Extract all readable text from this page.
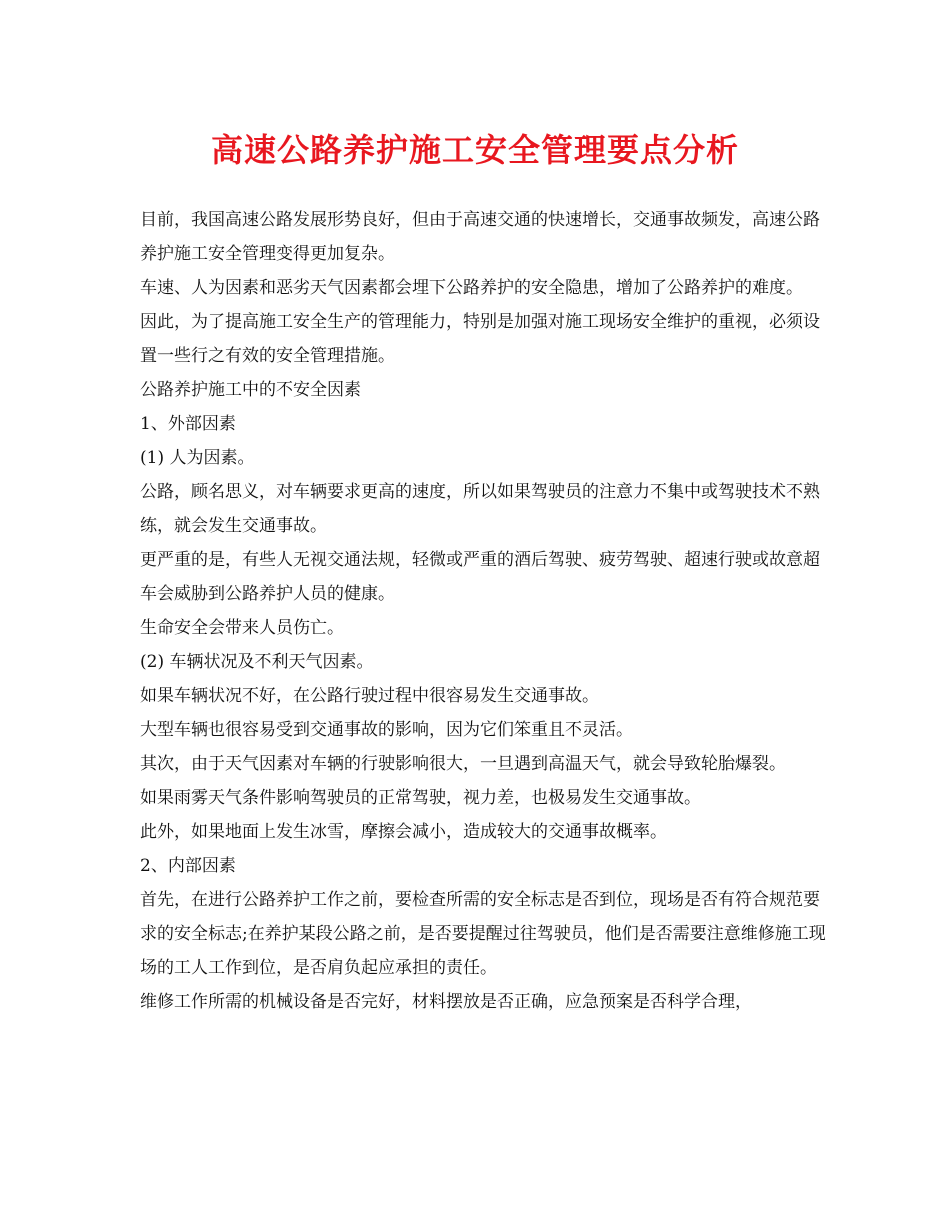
高速公路养护施工安全管理要点分析

目前，我国高速公路发展形势良好，但由于高速交通的快速增长，交通事故频发，高速公路养护施工安全管理变得更加复杂。

车速、人为因素和恶劣天气因素都会埋下公路养护的安全隐患，增加了公路养护的难度。

因此，为了提高施工安全生产的管理能力，特别是加强对施工现场安全维护的重视，必须设置一些行之有效的安全管理措施。

公路养护施工中的不安全因素

1、外部因素

(1) 人为因素。

公路，顾名思义，对车辆要求更高的速度，所以如果驾驶员的注意力不集中或驾驶技术不熟练，就会发生交通事故。

更严重的是，有些人无视交通法规，轻微或严重的酒后驾驶、疲劳驾驶、超速行驶或故意超车会威胁到公路养护人员的健康。

生命安全会带来人员伤亡。

(2) 车辆状况及不利天气因素。

如果车辆状况不好，在公路行驶过程中很容易发生交通事故。

大型车辆也很容易受到交通事故的影响，因为它们笨重且不灵活。

其次，由于天气因素对车辆的行驶影响很大，一旦遇到高温天气，就会导致轮胎爆裂。

如果雨雾天气条件影响驾驶员的正常驾驶，视力差，也极易发生交通事故。

此外，如果地面上发生冰雪，摩擦会减小，造成较大的交通事故概率。

2、内部因素

首先，在进行公路养护工作之前，要检查所需的安全标志是否到位，现场是否有符合规范要求的安全标志;在养护某段公路之前，是否要提醒过往驾驶员，他们是否需要注意维修施工现场的工人工作到位，是否肩负起应承担的责任。

维修工作所需的机械设备是否完好，材料摆放是否正确，应急预案是否科学合理，
